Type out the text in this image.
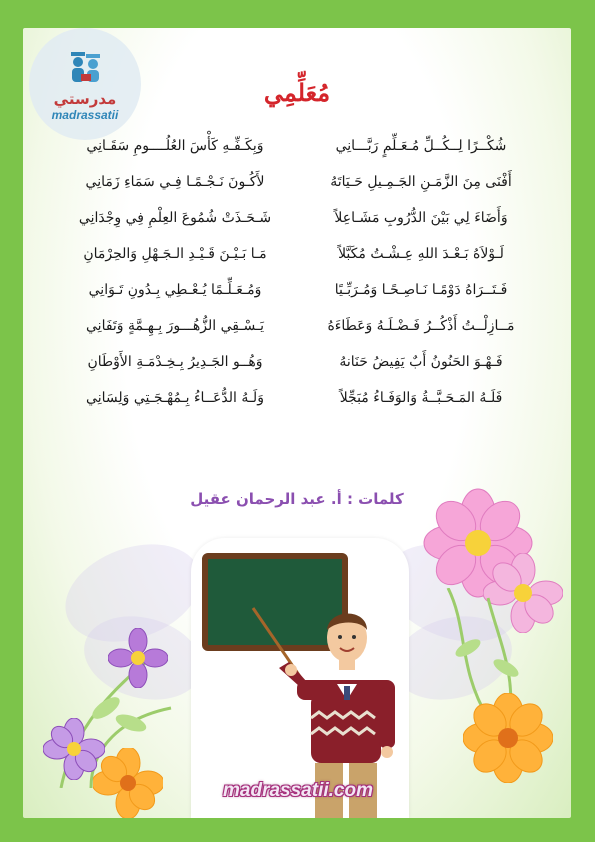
مدرستي
madrassatii
مُعَلِّمِي
وَبِكَـفِّـهِ كَأْسَ العُلُــــومِ سَقَـانِي	شُكْــرًا لِــكُــلِّ مُـعَـلِّمٍ رَبَّـــانِي
لأَكُـونَ نَـجْـمًـا فِـي سَمَاءِ زَمَانِي	أَفْنَى مِنَ الزَّمَـنِ الجَـمِـيلِ حَـيَاتَهُ
شَـحَـذَتْ شُمُوعَ العِلْمِ فِي وِجْدَانِي	وَأَضَاءَ لِي بَيْنَ الدُّرُوبِ مَشَـاعِلاً
مَـا بَـيْـنَ قَـيْـدِ الـجَـهْلِ وَالحِرْمَانِ	لَـوْلاَهُ بَـعْـدَ اللهِ عِـشْـتُ مُكَبَّلاً
وَمُـعَـلِّـمًا يُـعْـطِي بِـدُونِ تَـوَانِي	فَـتَــرَاهُ دَوْمًـا نَـاصِـحًـا وَمُـرَبِّـيًا
يَـسْـقِي الزُّهُـــورَ بِـهِـمَّةٍ وَتَفَانِي	مَــازِلْــتُ أَذْكُــرُ فَـضْـلَـهُ وَعَطَاءَهُ
وَهُــو الجَـدِيرُ بِـخِـدْمَـةِ الأَوْطَانِ	فَـهْـوَ الحَنُونُ أَبٌ يَفِيضُ حَنَانهُ
وَلَـهُ الدُّعَــاءُ بِـمُهْـجَـتِي وَلِسَانِي	فَلَـهُ المَـحَـبَّــةُ وَالوَفَـاءُ مُبَجِّلاً
كلمات : أ. عبد الرحمان عقيل
madrassatii.com
